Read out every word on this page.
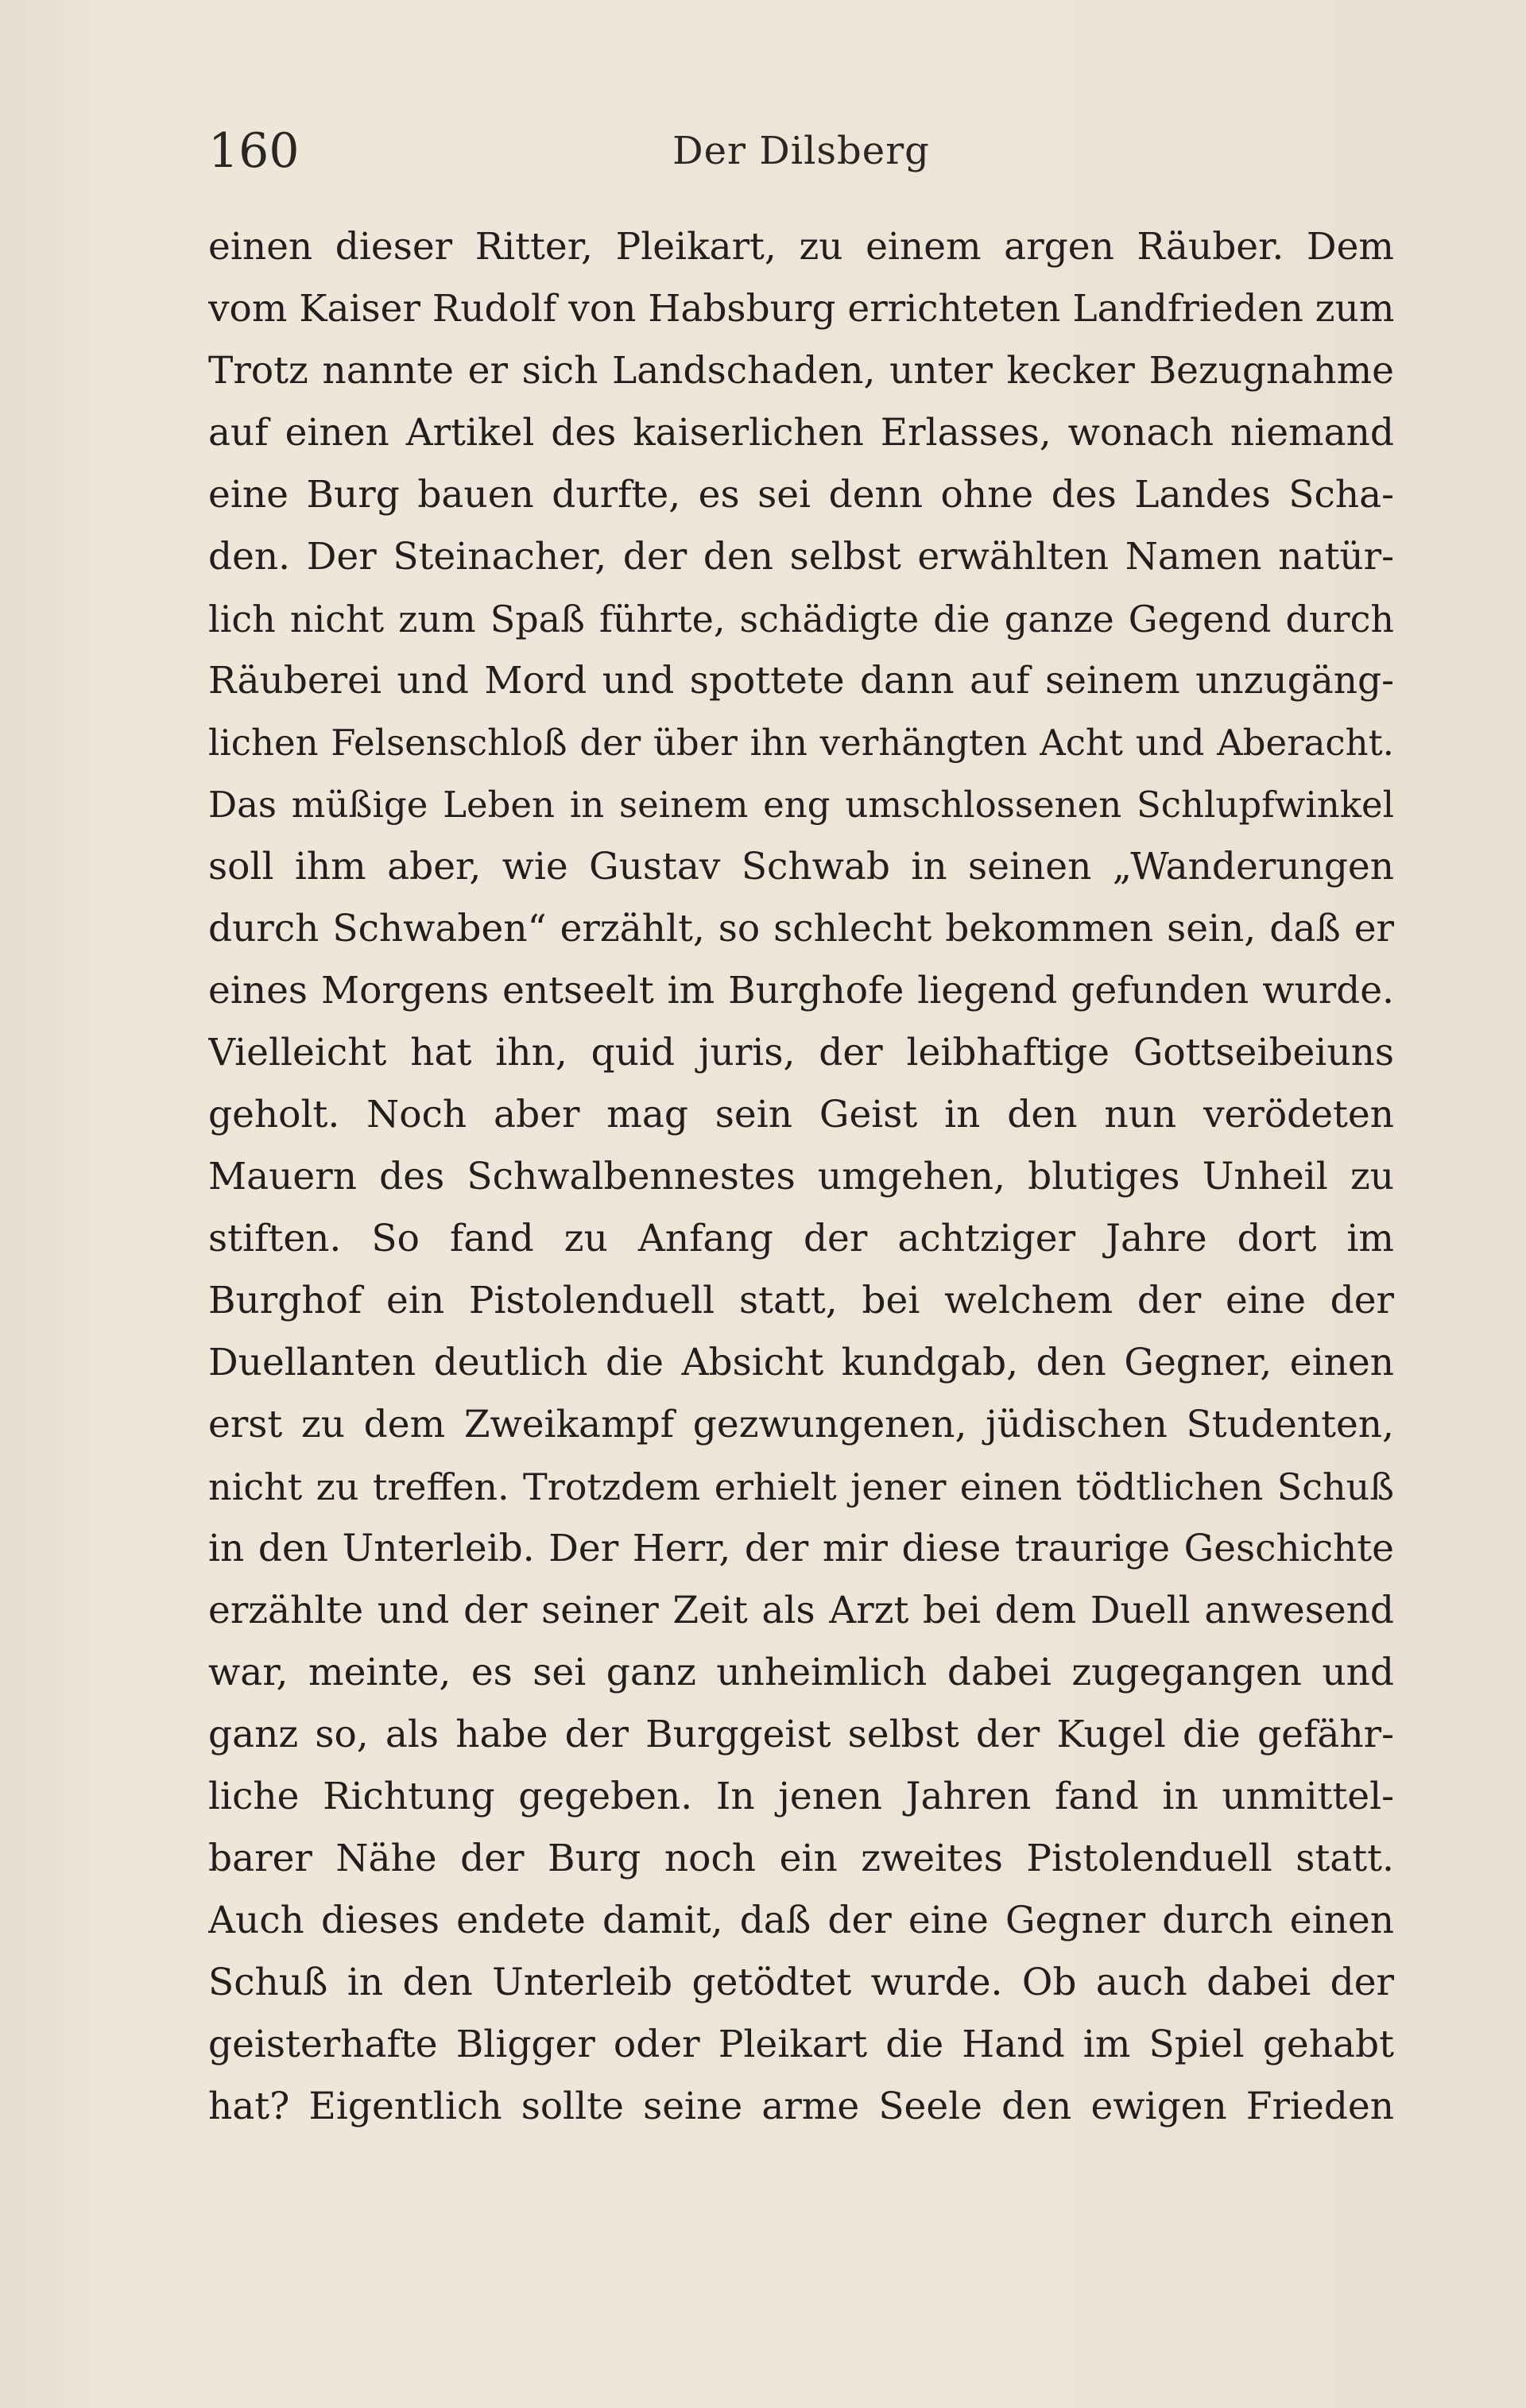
160	Der Dilsberg
einen dieser Ritter, Pleikart, zu einem argen Räuber. Dem
vom Kaiser Rudolf von Habsburg errichteten Landfrieden zum
Trotz nannte er sich Landschaden, unter kecker Bezugnahme
auf einen Artikel des kaiserlichen Erlasses, wonach niemand
eine Burg bauen durfte, es sei denn ohne des Landes Scha-
den. Der Steinacher, der den selbst erwählten Namen natür-
lich nicht zum Spaß führte, schädigte die ganze Gegend durch
Räuberei und Mord und spottete dann auf seinem unzugäng-
lichen Felsenschloß der über ihn verhängten Acht und Aberacht.
Das müßige Leben in seinem eng umschlossenen Schlupfwinkel
soll ihm aber, wie Gustav Schwab in seinen „Wanderungen
durch Schwaben“ erzählt, so schlecht bekommen sein, daß er
eines Morgens entseelt im Burghofe liegend gefunden wurde.
Vielleicht hat ihn, quid juris, der leibhaftige Gottseibeiuns
geholt. Noch aber mag sein Geist in den nun verödeten
Mauern des Schwalbennestes umgehen, blutiges Unheil zu
stiften. So fand zu Anfang der achtziger Jahre dort im
Burghof ein Pistolenduell statt, bei welchem der eine der
Duellanten deutlich die Absicht kundgab, den Gegner, einen
erst zu dem Zweikampf gezwungenen, jüdischen Studenten,
nicht zu treffen. Trotzdem erhielt jener einen tödtlichen Schuß
in den Unterleib. Der Herr, der mir diese traurige Geschichte
erzählte und der seiner Zeit als Arzt bei dem Duell anwesend
war, meinte, es sei ganz unheimlich dabei zugegangen und
ganz so, als habe der Burggeist selbst der Kugel die gefähr-
liche Richtung gegeben. In jenen Jahren fand in unmittel-
barer Nähe der Burg noch ein zweites Pistolenduell statt.
Auch dieses endete damit, daß der eine Gegner durch einen
Schuß in den Unterleib getödtet wurde. Ob auch dabei der
geisterhafte Bligger oder Pleikart die Hand im Spiel gehabt
hat? Eigentlich sollte seine arme Seele den ewigen Frieden
